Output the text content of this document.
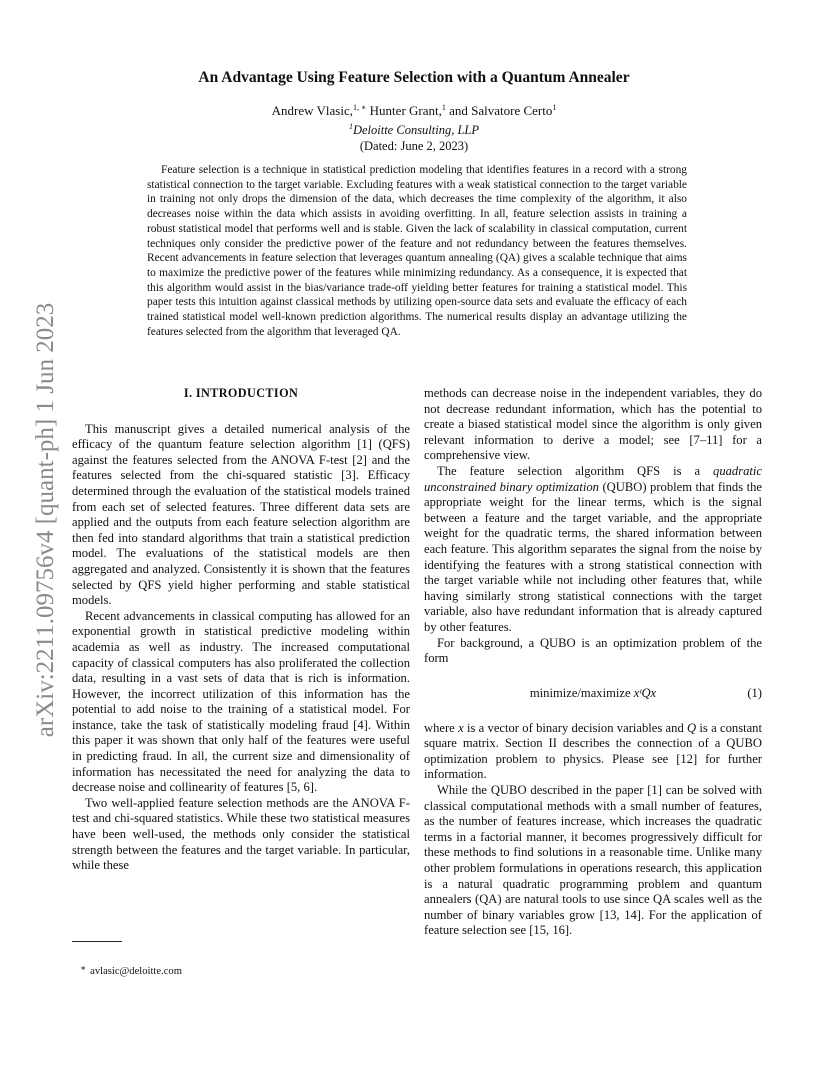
arXiv:2211.09756v4 [quant-ph] 1 Jun 2023
An Advantage Using Feature Selection with a Quantum Annealer
Andrew Vlasic,$^{1, ∗}$ Hunter Grant,$^1$ and Salvatore Certo$^1$
$^1$Deloitte Consulting, LLP
(Dated: June 2, 2023)

Feature selection is a technique in statistical prediction modeling that identifies features in a record with a strong statistical connection to the target variable. Excluding features with a weak statistical connection to the target variable in training not only drops the dimension of the data, which decreases the time complexity of the algorithm, it also decreases noise within the data which assists in avoiding overfitting. In all, feature selection assists in training a robust statistical model that performs well and is stable. Given the lack of scalability in classical computation, current techniques only consider the predictive power of the feature and not redundancy between the features themselves. Recent advancements in feature selection that leverages quantum annealing (QA) gives a scalable technique that aims to maximize the predictive power of the features while minimizing redundancy. As a consequence, it is expected that this algorithm would assist in the bias/variance trade-off yielding better features for training a statistical model. This paper tests this intuition against classical methods by utilizing open-source data sets and evaluate the efficacy of each trained statistical model well-known prediction algorithms. The numerical results display an advantage utilizing the features selected from the algorithm that leveraged QA.

I. INTRODUCTION

This manuscript gives a detailed numerical analysis of the efficacy of the quantum feature selection algorithm [1] (QFS) against the features selected from the ANOVA F-test [2] and the features selected from the chi-squared statistic [3]. Efficacy determined through the evaluation of the statistical models trained from each set of selected features. Three different data sets are applied and the outputs from each feature selection algorithm are then fed into standard algorithms that train a statistical prediction model. The evaluations of the statistical models are then aggregated and analyzed. Consistently it is shown that the features selected by QFS yield higher performing and stable statistical models.

Recent advancements in classical computing has allowed for an exponential growth in statistical predictive modeling within academia as well as industry. The increased computational capacity of classical computers has also proliferated the collection data, resulting in a vast sets of data that is rich is information. However, the incorrect utilization of this information has the potential to add noise to the training of a statistical model. For instance, take the task of statistically modeling fraud [4]. Within this paper it was shown that only half of the features were useful in predicting fraud. In all, the current size and dimensionality of information has necessitated the need for analyzing the data to decrease noise and collinearity of features [5, 6].

Two well-applied feature selection methods are the ANOVA F-test and chi-squared statistics. While these two statistical measures have been well-used, the methods only consider the statistical strength between the features and the target variable. In particular, while these

methods can decrease noise in the independent variables, they do not decrease redundant information, which has the potential to create a biased statistical model since the algorithm is only given relevant information to derive a model; see [7–11] for a comprehensive view.

The feature selection algorithm QFS is a quadratic unconstrained binary optimization (QUBO) problem that finds the appropriate weight for the linear terms, which is the signal between a feature and the target variable, and the appropriate weight for the quadratic terms, the shared information between each feature. This algorithm separates the signal from the noise by identifying the features with a strong statistical connection with the target variable while not including other features that, while having similarly strong statistical connections with the target variable, also have redundant information that is already captured by other features.

For background, a QUBO is an optimization problem of the form

minimize/maximize xᵗQx	(1)

where x is a vector of binary decision variables and Q is a constant square matrix. Section II describes the connection of a QUBO optimization problem to physics. Please see [12] for further information.

While the QUBO described in the paper [1] can be solved with classical computational methods with a small number of features, as the number of features increase, which increases the quadratic terms in a factorial manner, it becomes progressively difficult for these methods to find solutions in a reasonable time. Unlike many other problem formulations in operations research, this application is a natural quadratic programming problem and quantum annealers (QA) are natural tools to use since QA scales well as the number of binary variables grow [13, 14]. For the application of feature selection see [15, 16].

∗ avlasic@deloitte.com
